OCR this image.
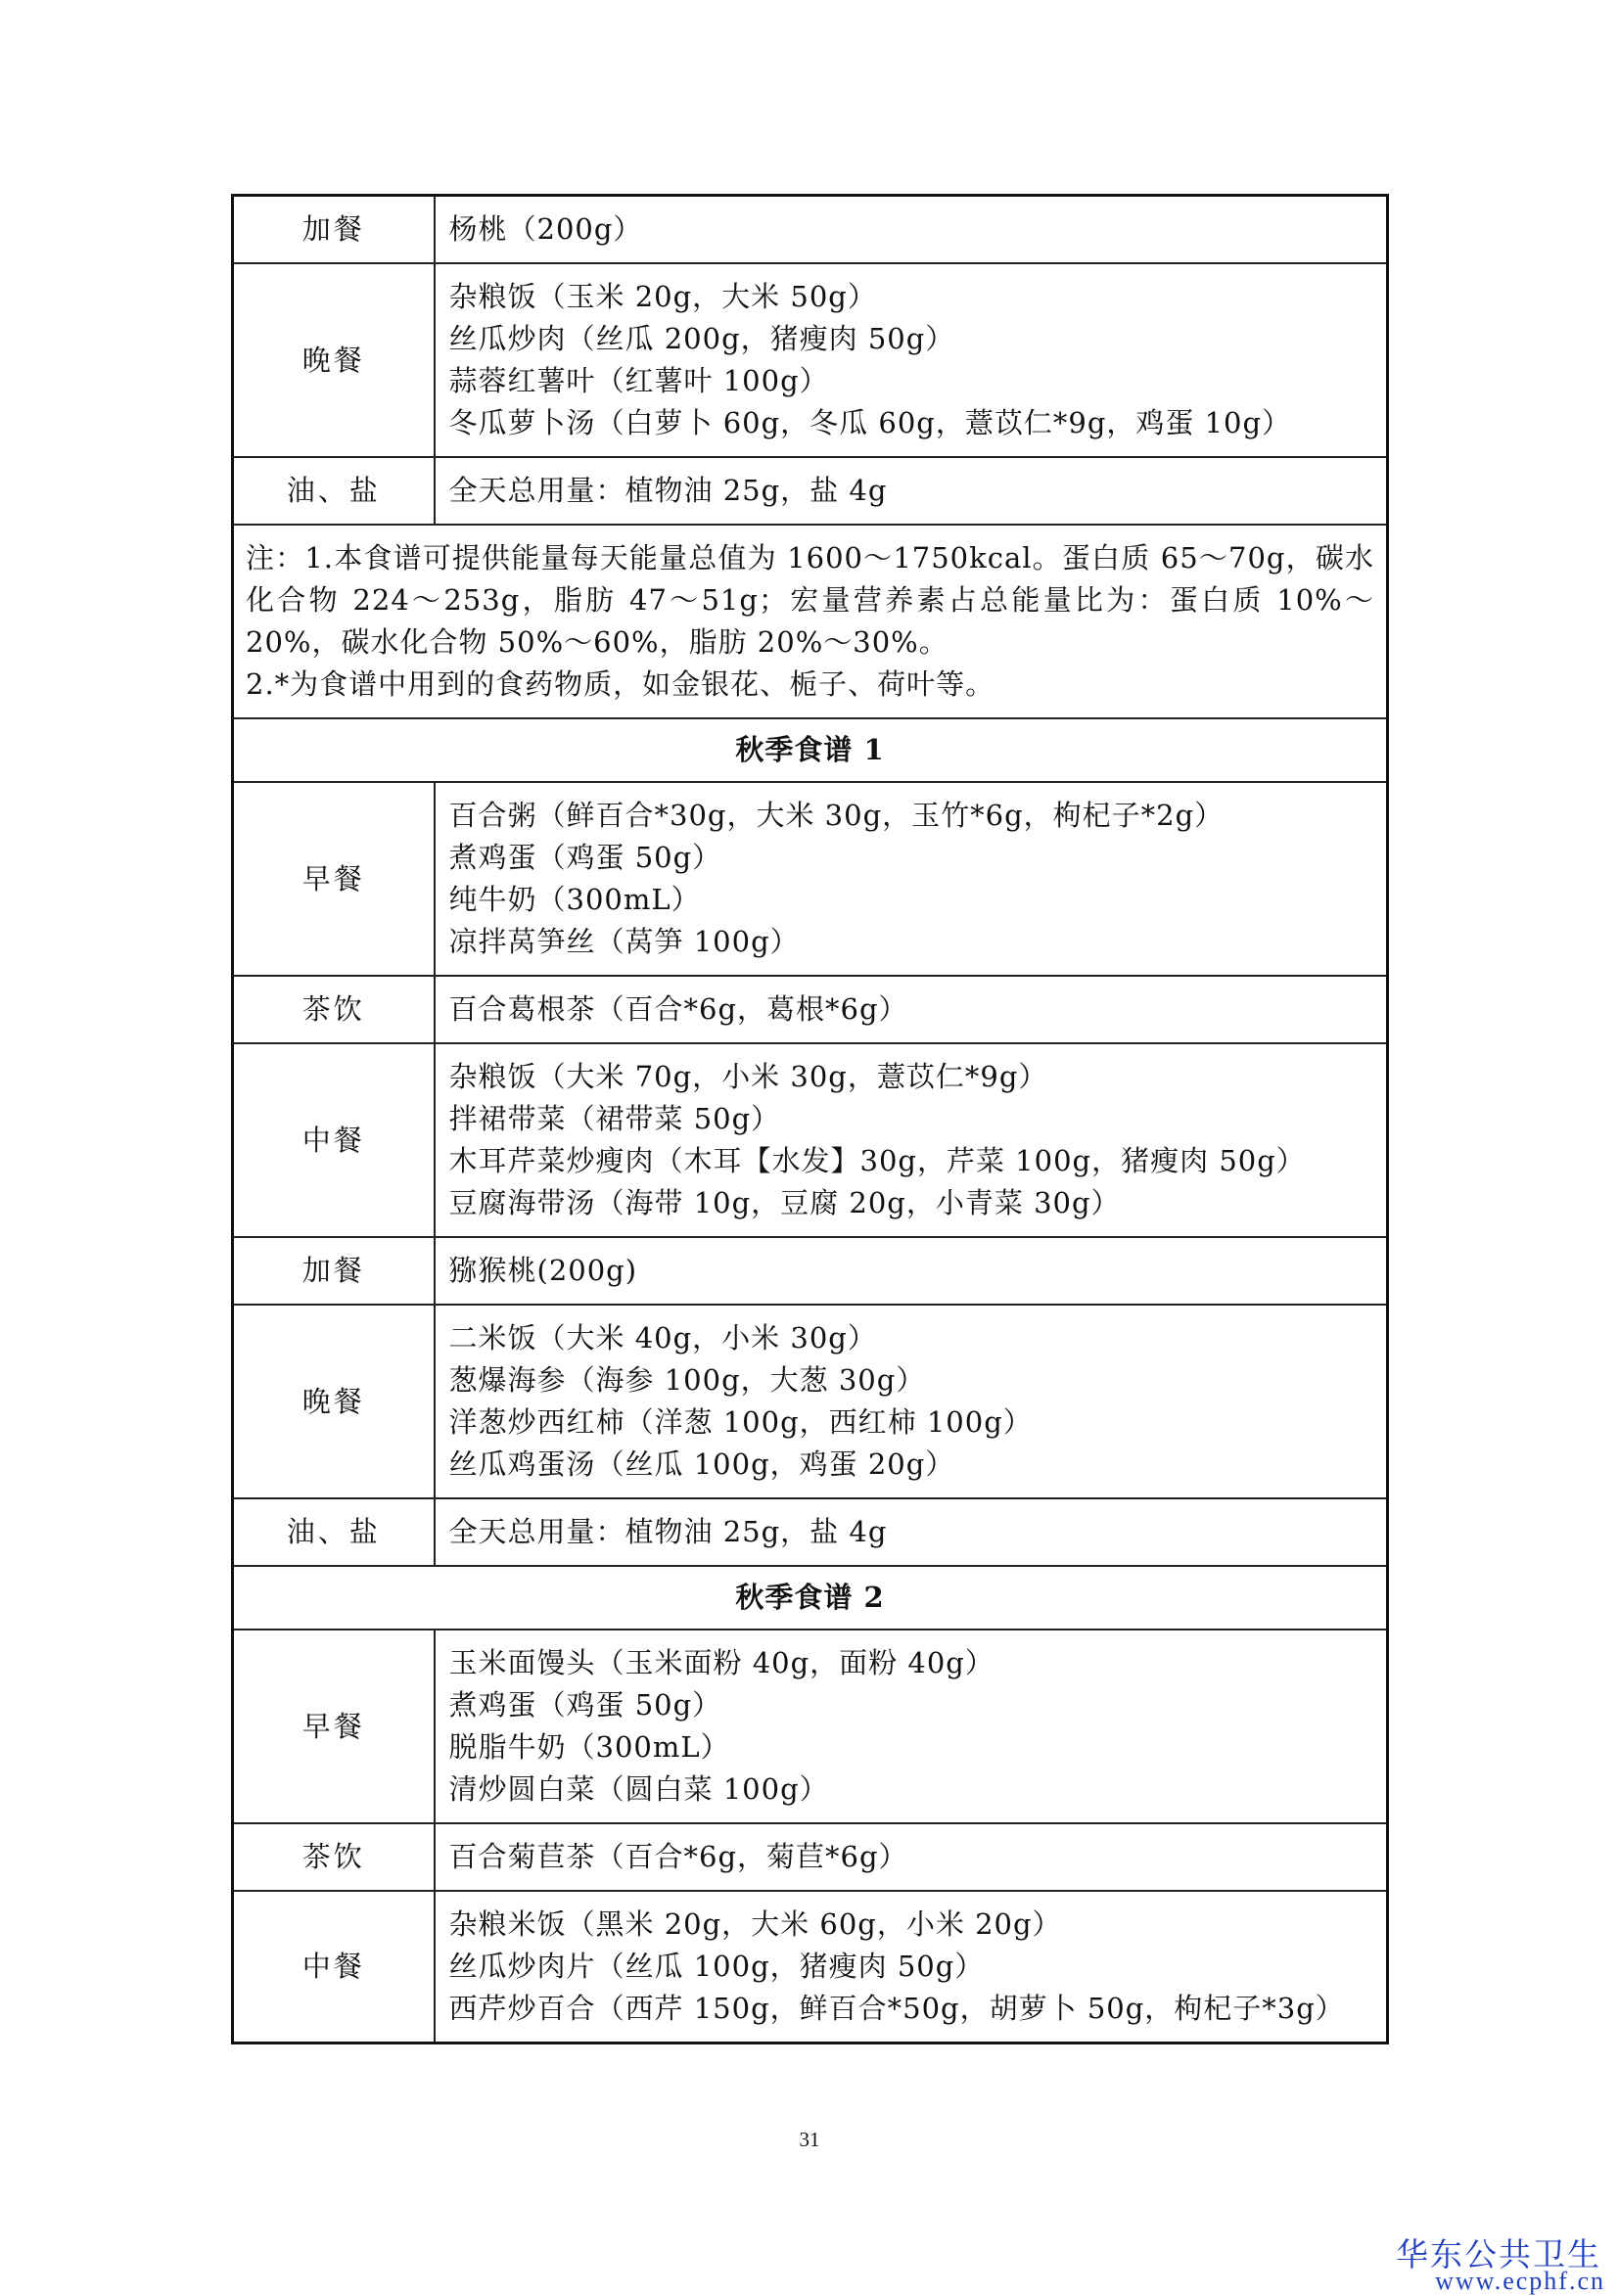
加餐	杨桃（200g）

晚餐	杂粮饭（玉米 20g，大米 50g）
丝瓜炒肉（丝瓜 200g，猪瘦肉 50g）
蒜蓉红薯叶（红薯叶 100g）
冬瓜萝卜汤（白萝卜 60g，冬瓜 60g，薏苡仁*9g，鸡蛋 10g）

油、盐	全天总用量：植物油 25g，盐 4g

注：1.本食谱可提供能量每天能量总值为 1600～1750kcal。蛋白质 65～70g，碳水化合物 224～253g，脂肪 47～51g；宏量营养素占总能量比为：蛋白质 10%～20%，碳水化合物 50%～60%，脂肪 20%～30%。
2.*为食谱中用到的食药物质，如金银花、栀子、荷叶等。	

秋季食谱 1	
早餐	百合粥（鲜百合*30g，大米 30g，玉竹*6g，枸杞子*2g）
煮鸡蛋（鸡蛋 50g）
纯牛奶（300mL）
凉拌莴笋丝（莴笋 100g）

茶饮	百合葛根茶（百合*6g，葛根*6g）

中餐	杂粮饭（大米 70g，小米 30g，薏苡仁*9g）
拌裙带菜（裙带菜 50g）
木耳芹菜炒瘦肉（木耳【水发】30g，芹菜 100g，猪瘦肉 50g）
豆腐海带汤（海带 10g，豆腐 20g，小青菜 30g）

加餐	猕猴桃(200g)

晚餐	二米饭（大米 40g，小米 30g）
葱爆海参（海参 100g，大葱 30g）
洋葱炒西红柿（洋葱 100g，西红柿 100g）
丝瓜鸡蛋汤（丝瓜 100g，鸡蛋 20g）

油、盐	全天总用量：植物油 25g，盐 4g

秋季食谱 2	
早餐	玉米面馒头（玉米面粉 40g，面粉 40g）
煮鸡蛋（鸡蛋 50g）
脱脂牛奶（300mL）
清炒圆白菜（圆白菜 100g）

茶饮	百合菊苣茶（百合*6g，菊苣*6g）

中餐	杂粮米饭（黑米 20g，大米 60g，小米 20g）
丝瓜炒肉片（丝瓜 100g，猪瘦肉 50g）
西芹炒百合（西芹 150g，鲜百合*50g，胡萝卜 50g，枸杞子*3g）
31
华东公共卫生
www.ecphf.cn
